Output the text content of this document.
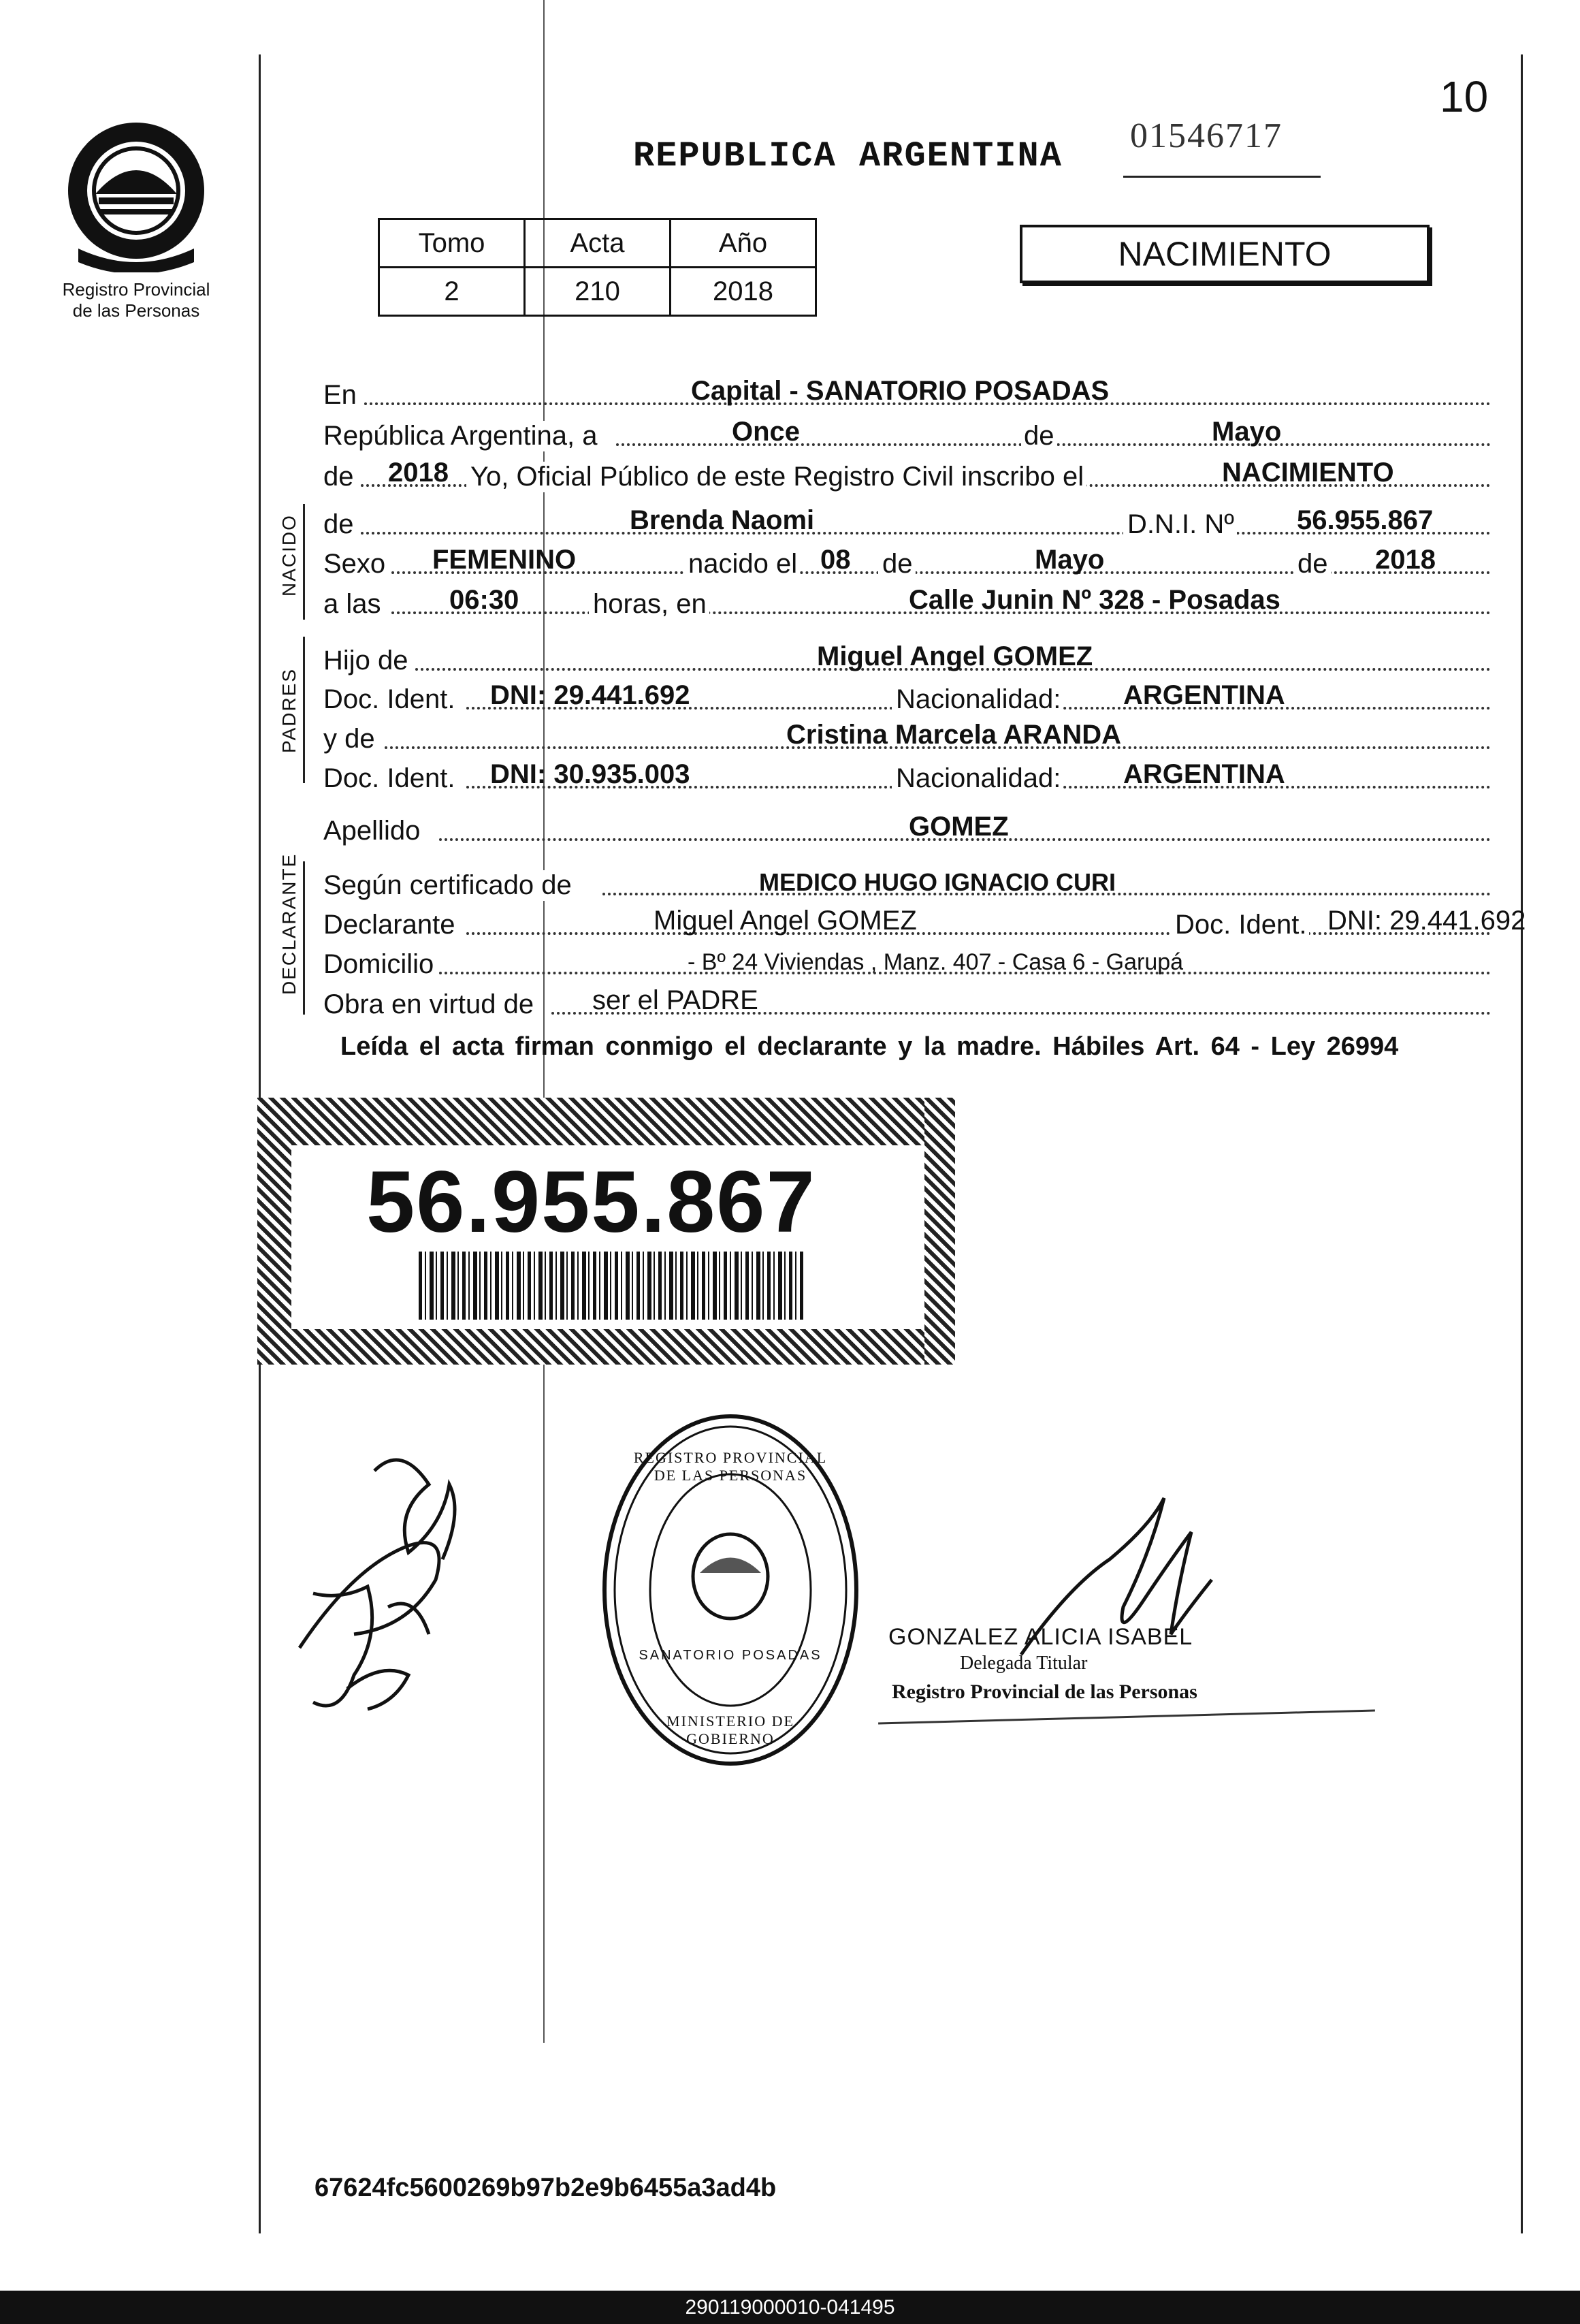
10
01546717
Registro Provincial
de las Personas
REPUBLICA ARGENTINA
Tomo	Acta	Año
2	210	2018
NACIMIENTO
NACIDO
PADRES
DECLARANTE
En	Capital - SANATORIO POSADAS
República Argentina, a	Once	de	Mayo
de 2018 Yo, Oficial Público de este Registro Civil inscribo el	NACIMIENTO
de	Brenda Naomi	D.N.I. Nº 56.955.867
Sexo FEMENINO	nacido el 08 de	Mayo	de 2018
a las	06:30	horas, en	Calle Junin Nº 328 - Posadas
Hijo de	Miguel Angel GOMEZ
Doc. Ident. DNI: 29.441.692	Nacionalidad: ARGENTINA
y de	Cristina Marcela ARANDA
Doc. Ident. DNI: 30.935.003	Nacionalidad: ARGENTINA
Apellido	GOMEZ
Según certificado de	MEDICO HUGO IGNACIO CURI
Declarante	Miguel Angel GOMEZ	Doc. Ident. DNI: 29.441.692
Domicilio	- Bº 24 Viviendas , Manz. 407 - Casa 6 - Garupá
Obra en virtud de ser el PADRE
Leída el acta firman conmigo el declarante y la madre. Hábiles Art. 64 - Ley 26994
56.955.867
REGISTRO PROVINCIAL DE LAS PERSONAS
SANATORIO POSADAS
MINISTERIO DE GOBIERNO
GONZALEZ ALICIA ISABEL
Delegada Titular
Registro Provincial de las Personas
67624fc5600269b97b2e9b6455a3ad4b
290119000010-041495
